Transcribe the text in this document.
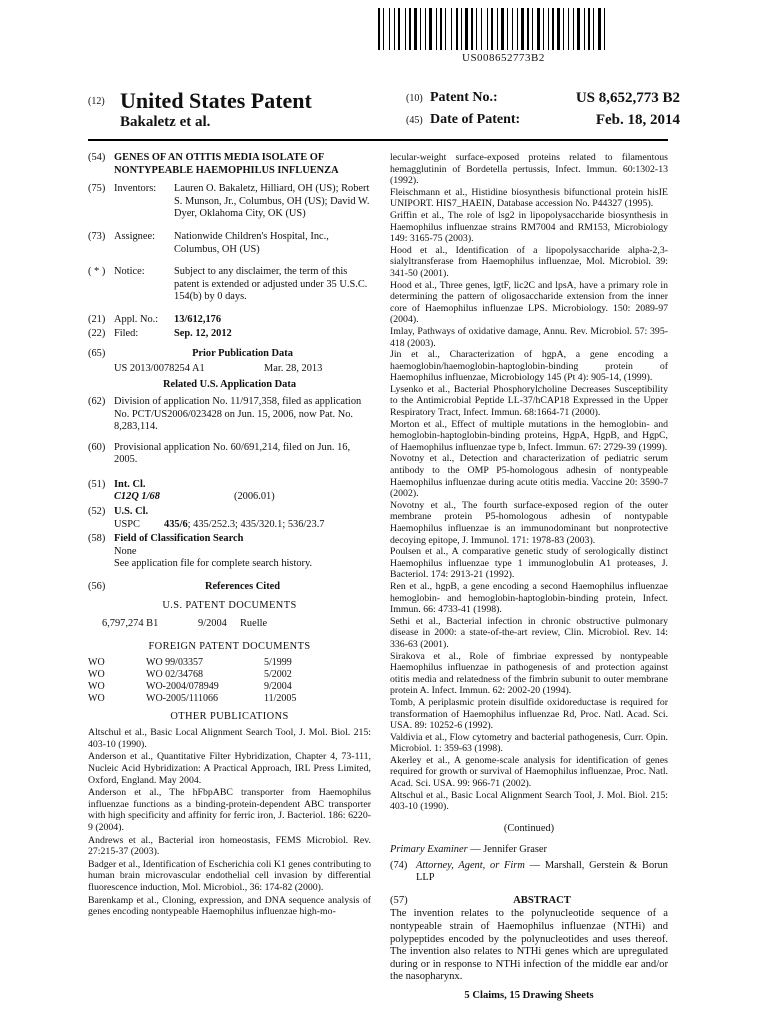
US008652773B2
(12) United States Patent
Bakaletz et al.
(10) Patent No.:	US 8,652,773 B2
(45) Date of Patent:	Feb. 18, 2014
(54) GENES OF AN OTITIS MEDIA ISOLATE OF NONTYPEABLE HAEMOPHILUS INFLUENZA
(75) Inventors:	Lauren O. Bakaletz, Hilliard, OH (US); Robert S. Munson, Jr., Columbus, OH (US); David W. Dyer, Oklahoma City, OK (US)
(73) Assignee:	Nationwide Children's Hospital, Inc., Columbus, OH (US)
( * ) Notice:	Subject to any disclaimer, the term of this patent is extended or adjusted under 35 U.S.C. 154(b) by 0 days.
(21) Appl. No.:	13/612,176
(22) Filed:	Sep. 12, 2012
(65)	Prior Publication Data
US 2013/0078254 A1	Mar. 28, 2013
Related U.S. Application Data
(62) Division of application No. 11/917,358, filed as application No. PCT/US2006/023428 on Jun. 15, 2006, now Pat. No. 8,283,114.
(60) Provisional application No. 60/691,214, filed on Jun. 16, 2005.
(51) Int. Cl.
C12Q 1/68	(2006.01)
(52) U.S. Cl.
USPC 435/6; 435/252.3; 435/320.1; 536/23.7
(58) Field of Classification Search
None
See application file for complete search history.
(56)	References Cited
U.S. PATENT DOCUMENTS
6,797,274 B1	9/2004	Ruelle
FOREIGN PATENT DOCUMENTS
WO	WO 99/03357	5/1999
WO	WO 02/34768	5/2002
WO	WO-2004/078949	9/2004
WO	WO-2005/111066	11/2005
OTHER PUBLICATIONS
Altschul et al., Basic Local Alignment Search Tool, J. Mol. Biol. 215: 403-10 (1990).
Anderson et al., Quantitative Filter Hybridization, Chapter 4, 73-111, Nucleic Acid Hybridization: A Practical Approach, IRL Press Limited, Oxford, England. May 2004.
Anderson et al., The hFbpABC transporter from Haemophilus influenzae functions as a binding-protein-dependent ABC transporter with high specificity and affinity for ferric iron, J. Bacteriol. 186: 6220-9 (2004).
Andrews et al., Bacterial iron homeostasis, FEMS Microbiol. Rev. 27:215-37 (2003).
Badger et al., Identification of Escherichia coli K1 genes contributing to human brain microvascular endothelial cell invasion by differential fluorescence induction, Mol. Microbiol., 36: 174-82 (2000).
Barenkamp et al., Cloning, expression, and DNA sequence analysis of genes encoding nontypeable Haemophilus influenzae high-mo-
lecular-weight surface-exposed proteins related to filamentous hemagglutinin of Bordetella pertussis, Infect. Immun. 60:1302-13 (1992).
Fleischmann et al., Histidine biosynthesis bifunctional protein hisIE UNIPORT. HIS7_HAEIN, Database accession No. P44327 (1995).
Griffin et al., The role of lsg2 in lipopolysaccharide biosynthesis in Haemophilus influenzae strains RM7004 and RM153, Microbiology 149: 3165-75 (2003).
Hood et al., Identification of a lipopolysaccharide alpha-2,3-sialyltransferase from Haemophilus influenzae, Mol. Microbiol. 39: 341-50 (2001).
Hood et al., Three genes, lgtF, lic2C and lpsA, have a primary role in determining the pattern of oligosaccharide extension from the inner core of Haemophilus influenzae LPS. Microbiology. 150: 2089-97 (2004).
Imlay, Pathways of oxidative damage, Annu. Rev. Microbiol. 57: 395-418 (2003).
Jin et al., Characterization of hgpA, a gene encoding a haemoglobin/haemoglobin-haptoglobin-binding protein of Haemophilus influenzae, Microbiology 145 (Pt 4): 905-14, (1999).
Lysenko et al., Bacterial Phosphorylcholine Decreases Susceptibility to the Antimicrobial Peptide LL-37/hCAP18 Expressed in the Upper Respiratory Tract, Infect. Immun. 68:1664-71 (2000).
Morton et al., Effect of multiple mutations in the hemoglobin- and hemoglobin-haptoglobin-binding proteins, HgpA, HgpB, and HgpC, of Haemophilus influenzae type b, Infect. Immun. 67: 2729-39 (1999).
Novotny et al., Detection and characterization of pediatric serum antibody to the OMP P5-homologous adhesin of nontypeable Haemophilus influenzae during acute otitis media. Vaccine 20: 3590-7 (2002).
Novotny et al., The fourth surface-exposed region of the outer membrane protein P5-homologous adhesin of nontypable Haemophilus influenzae is an immunodominant but nonprotective decoying epitope, J. Immunol. 171: 1978-83 (2003).
Poulsen et al., A comparative genetic study of serologically distinct Haemophilus influenzae type 1 immunoglobulin A1 proteases, J. Bacteriol. 174: 2913-21 (1992).
Ren et al., hgpB, a gene encoding a second Haemophilus influenzae hemoglobin- and hemoglobin-haptoglobin-binding protein, Infect. Immun. 66: 4733-41 (1998).
Sethi et al., Bacterial infection in chronic obstructive pulmonary disease in 2000: a state-of-the-art review, Clin. Microbiol. Rev. 14: 336-63 (2001).
Sirakova et al., Role of fimbriae expressed by nontypeable Haemophilus influenzae in pathogenesis of and protection against otitis media and relatedness of the fimbrin subunit to outer membrane protein A. Infect. Immun. 62: 2002-20 (1994).
Tomb, A periplasmic protein disulfide oxidoreductase is required for transformation of Haemophilus influenzae Rd, Proc. Natl. Acad. Sci. USA. 89: 10252-6 (1992).
Valdivia et al., Flow cytometry and bacterial pathogenesis, Curr. Opin. Microbiol. 1: 359-63 (1998).
Akerley et al., A genome-scale analysis for identification of genes required for growth or survival of Haemophilus influenzae, Proc. Natl. Acad. Sci. USA. 99: 966-71 (2002).
Altschul et al., Basic Local Alignment Search Tool, J. Mol. Biol. 215: 403-10 (1990).
(Continued)
Primary Examiner — Jennifer Graser
(74) Attorney, Agent, or Firm — Marshall, Gerstein & Borun LLP
(57)	ABSTRACT
The invention relates to the polynucleotide sequence of a nontypeable strain of Haemophilus influenzae (NTHi) and polypeptides encoded by the polynucleotides and uses thereof. The invention also relates to NTHi genes which are upregulated during or in response to NTHi infection of the middle ear and/or the nasopharynx.
5 Claims, 15 Drawing Sheets
